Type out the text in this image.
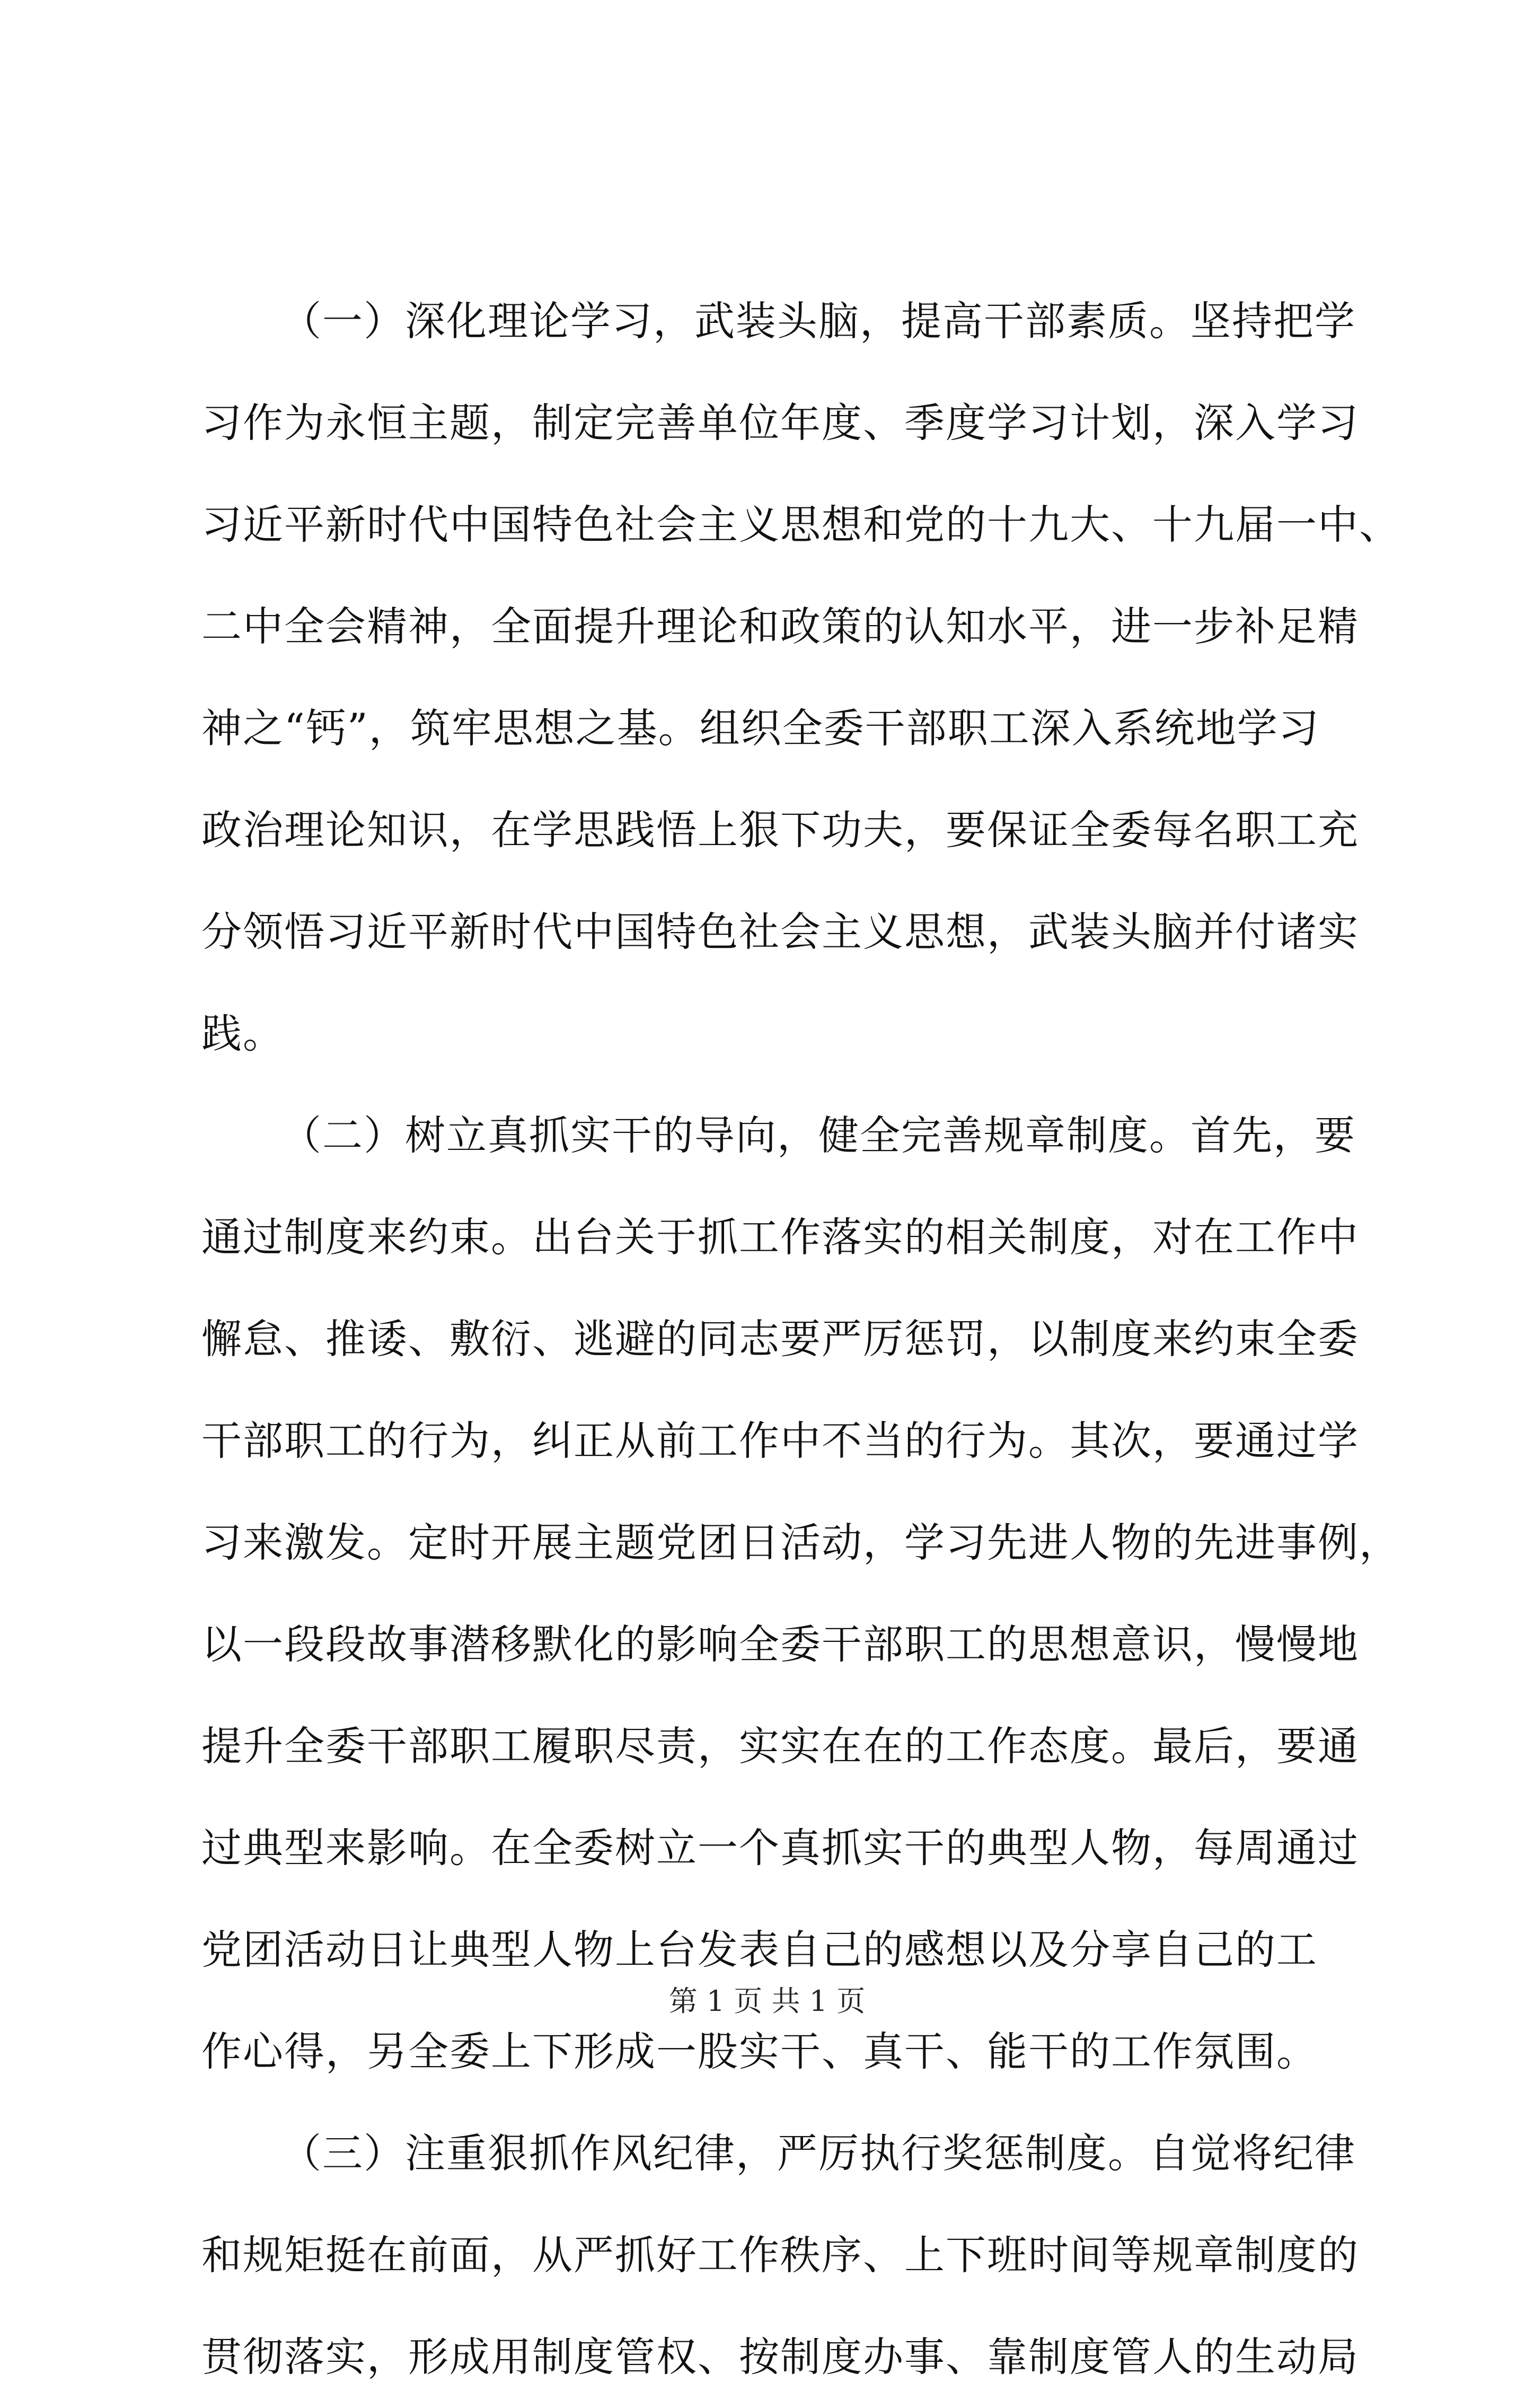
（一）深化理论学习，武装头脑，提高干部素质。坚持把学
习作为永恒主题，制定完善单位年度、季度学习计划，深入学习
习近平新时代中国特色社会主义思想和党的十九大、十九届一中、
二中全会精神，全面提升理论和政策的认知水平，进一步补足精
神之“钙”，筑牢思想之基。组织全委干部职工深入系统地学习
政治理论知识，在学思践悟上狠下功夫，要保证全委每名职工充
分领悟习近平新时代中国特色社会主义思想，武装头脑并付诸实
践。
（二）树立真抓实干的导向，健全完善规章制度。首先，要
通过制度来约束。出台关于抓工作落实的相关制度，对在工作中
懈怠、推诿、敷衍、逃避的同志要严厉惩罚，以制度来约束全委
干部职工的行为，纠正从前工作中不当的行为。其次，要通过学
习来激发。定时开展主题党团日活动，学习先进人物的先进事例，
以一段段故事潜移默化的影响全委干部职工的思想意识，慢慢地
提升全委干部职工履职尽责，实实在在的工作态度。最后，要通
过典型来影响。在全委树立一个真抓实干的典型人物，每周通过
党团活动日让典型人物上台发表自己的感想以及分享自己的工
作心得，另全委上下形成一股实干、真干、能干的工作氛围。
（三）注重狠抓作风纪律，严厉执行奖惩制度。自觉将纪律
和规矩挺在前面，从严抓好工作秩序、上下班时间等规章制度的
贯彻落实，形成用制度管权、按制度办事、靠制度管人的生动局
第 1 页 共 1 页
